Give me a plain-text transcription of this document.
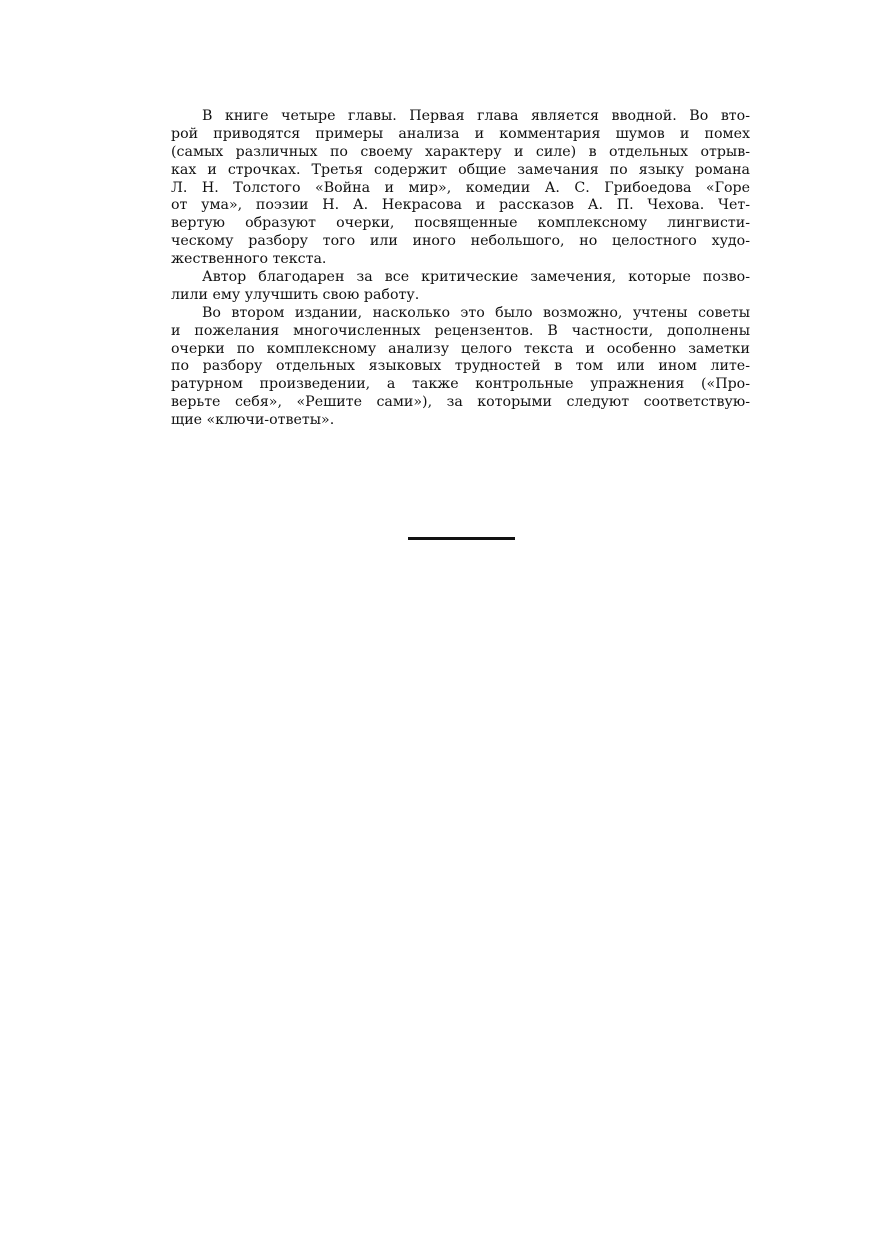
В книге четыре главы. Первая глава является вводной. Во вто-
рой приводятся примеры анализа и комментария шумов и помех
(самых различных по своему характеру и силе) в отдельных отрыв-
ках и строчках. Третья содержит общие замечания по языку романа
Л. Н. Толстого «Война и мир», комедии А. С. Грибоедова «Горе
от ума», поэзии Н. А. Некрасова и рассказов А. П. Чехова. Чет-
вертую образуют очерки, посвященные комплексному лингвисти-
ческому разбору того или иного небольшого, но целостного худо-
жественного текста.
Автор благодарен за все критические замечения, которые позво-
лили ему улучшить свою работу.
Во втором издании, насколько это было возможно, учтены советы
и пожелания многочисленных рецензентов. В частности, дополнены
очерки по комплексному анализу целого текста и особенно заметки
по разбору отдельных языковых трудностей в том или ином лите-
ратурном произведении, а также контрольные упражнения («Про-
верьте себя», «Решите сами»), за которыми следуют соответствую-
щие «ключи-ответы».
